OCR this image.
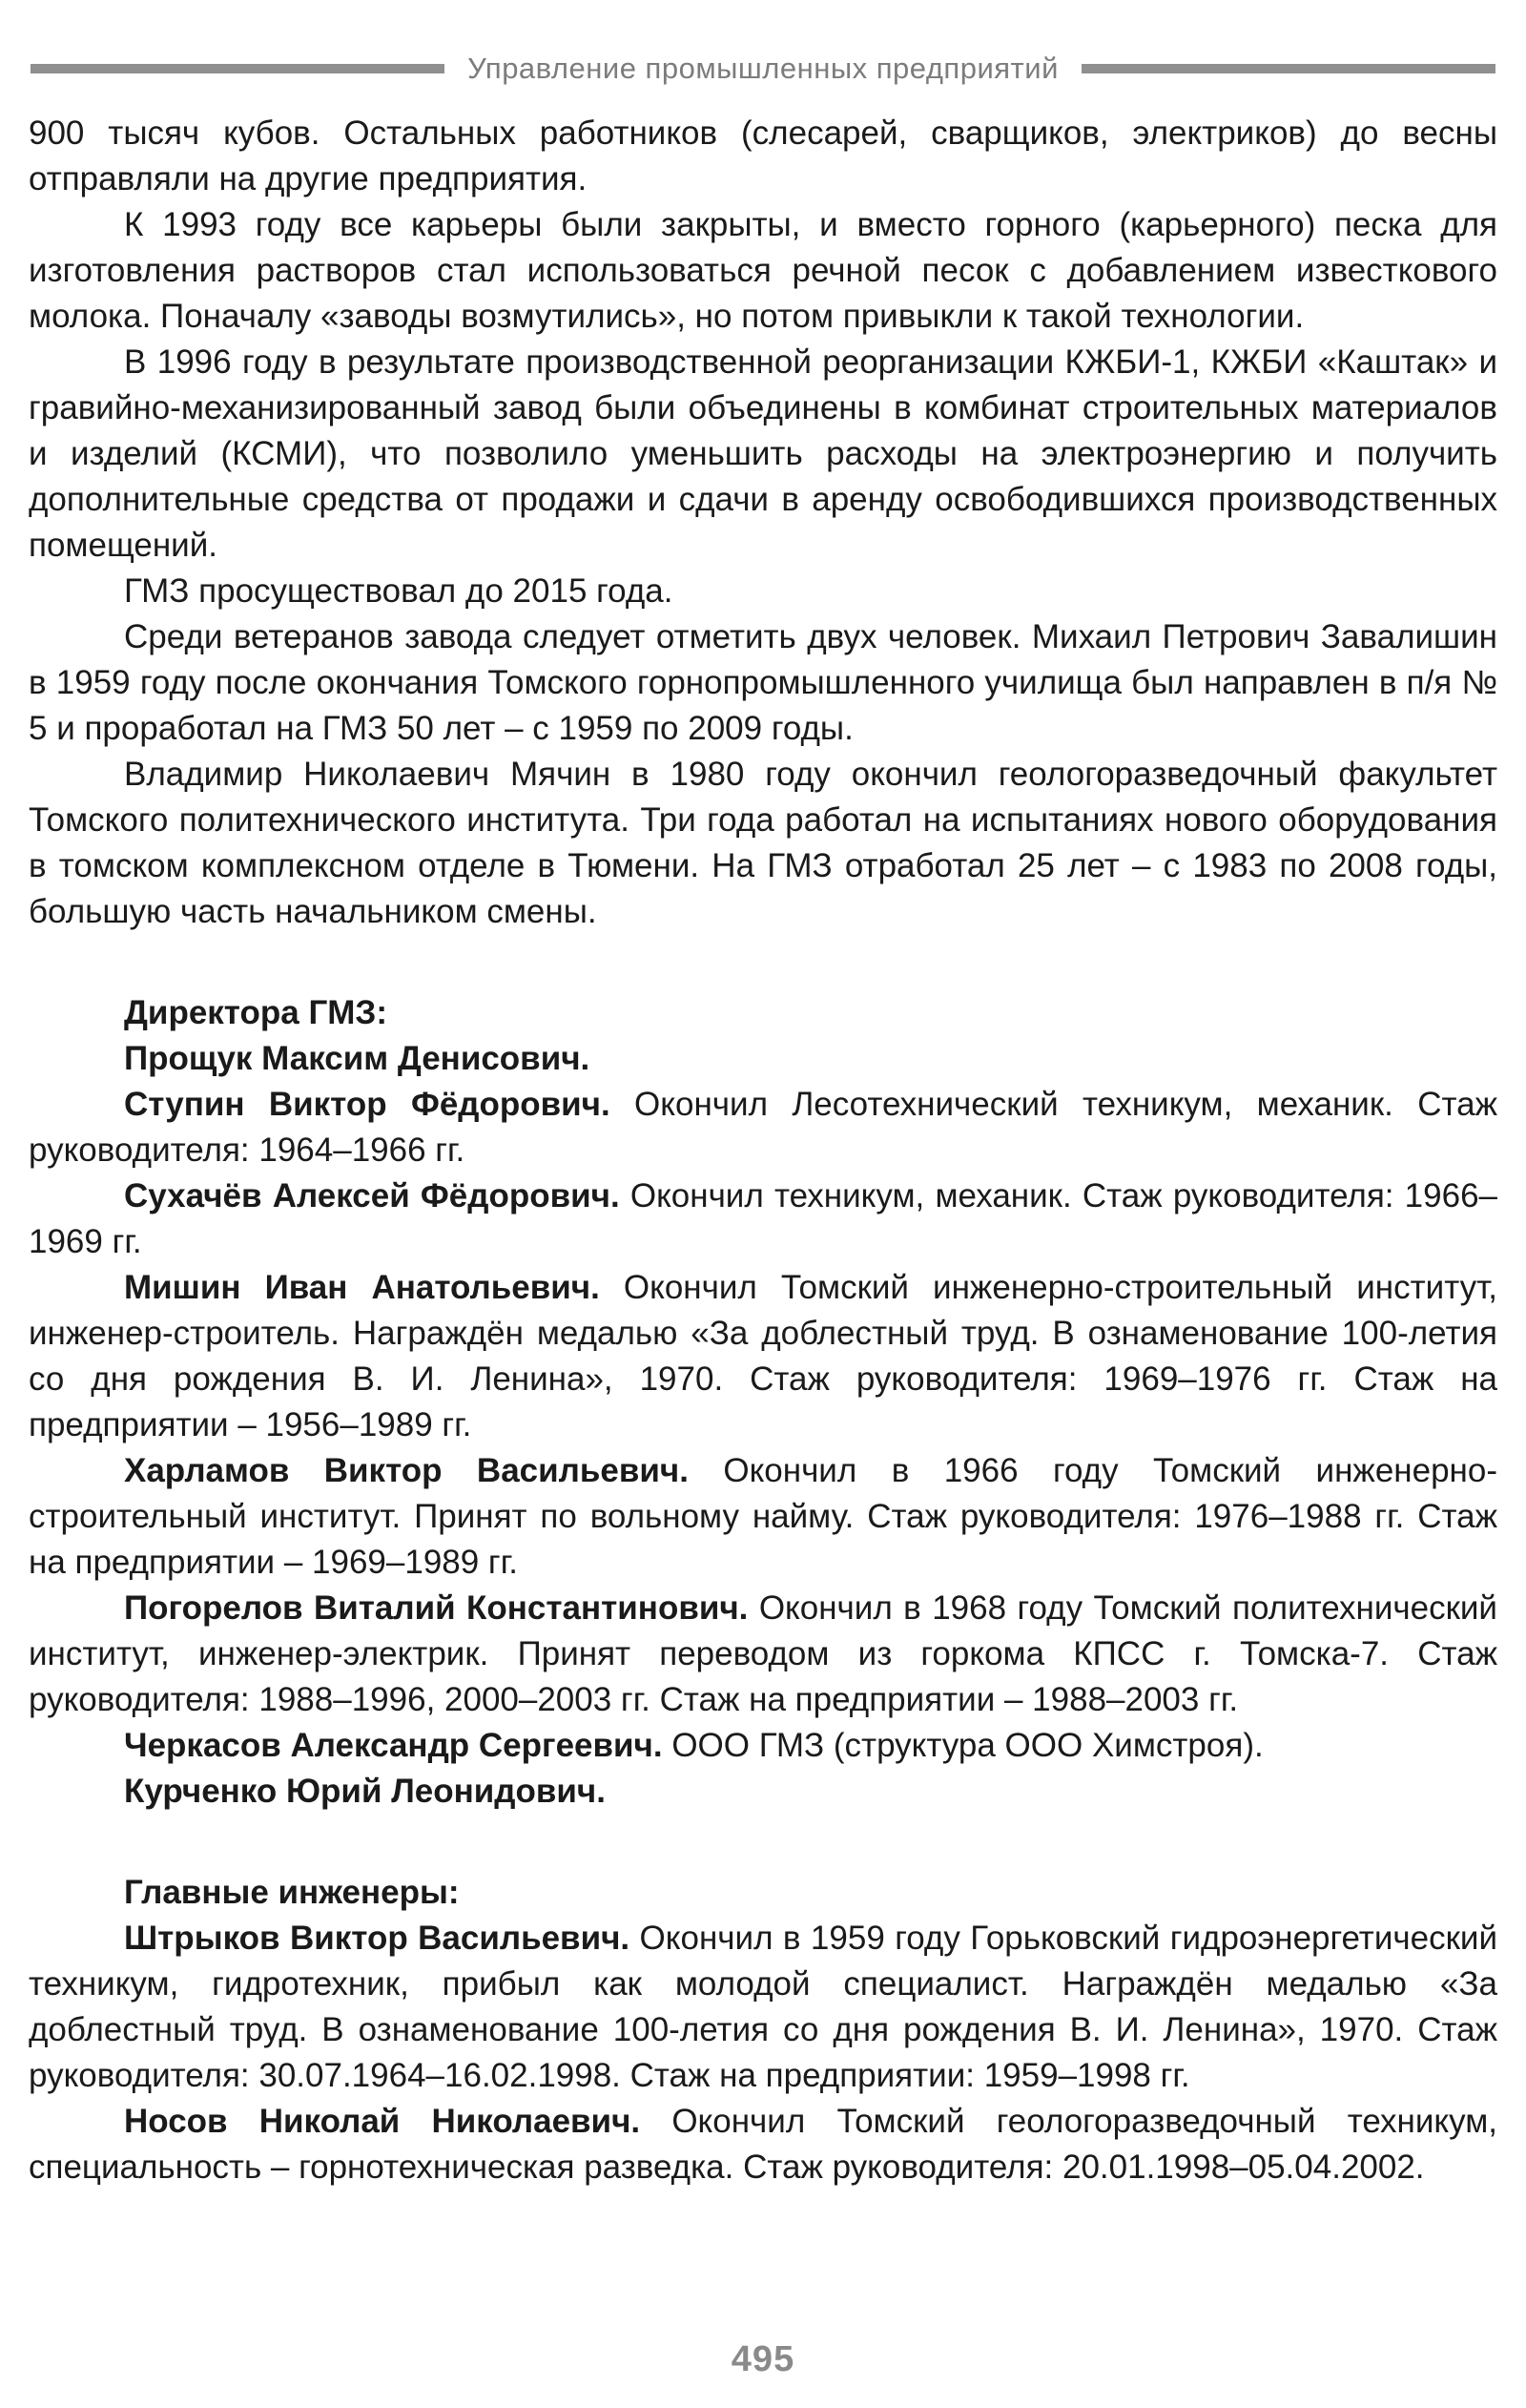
Управление промышленных предприятий

900 тысяч кубов. Остальных работников (слесарей, сварщиков, электриков) до весны отправляли на другие предприятия.

К 1993 году все карьеры были закрыты, и вместо горного (карьерного) песка для изготовления растворов стал использоваться речной песок с добавлением известкового молока. Поначалу «заводы возмутились», но потом привыкли к такой технологии.

В 1996 году в результате производственной реорганизации КЖБИ-1, КЖБИ «Каштак» и гравийно-механизированный завод были объединены в комбинат строительных материалов и изделий (КСМИ), что позволило уменьшить расходы на электроэнергию и получить дополнительные средства от продажи и сдачи в аренду освободившихся производственных помещений.

ГМЗ просуществовал до 2015 года.

Среди ветеранов завода следует отметить двух человек. Михаил Петрович Завалишин в 1959 году после окончания Томского горнопромышленного училища был направлен в п/я № 5 и проработал на ГМЗ 50 лет – с 1959 по 2009 годы.

Владимир Николаевич Мячин в 1980 году окончил геологоразведочный факультет Томского политехнического института. Три года работал на испытаниях нового оборудования в томском комплексном отделе в Тюмени. На ГМЗ отработал 25 лет – с 1983 по 2008 годы, большую часть начальником смены.

Директора ГМЗ:

Прощук Максим Денисович.

Ступин Виктор Фёдорович. Окончил Лесотехнический техникум, механик. Стаж руководителя: 1964–1966 гг.

Сухачёв Алексей Фёдорович. Окончил техникум, механик. Стаж руководителя: 1966–1969 гг.

Мишин Иван Анатольевич. Окончил Томский инженерно-строительный институт, инженер-строитель. Награждён медалью «За доблестный труд. В ознаменование 100-летия со дня рождения В. И. Ленина», 1970. Стаж руководителя: 1969–1976 гг. Стаж на предприятии – 1956–1989 гг.

Харламов Виктор Васильевич. Окончил в 1966 году Томский инженерно-строительный институт. Принят по вольному найму. Стаж руководителя: 1976–1988 гг. Стаж на предприятии – 1969–1989 гг.

Погорелов Виталий Константинович. Окончил в 1968 году Томский политехнический институт, инженер-электрик. Принят переводом из горкома КПСС г. Томска-7. Стаж руководителя: 1988–1996, 2000–2003 гг. Стаж на предприятии – 1988–2003 гг.

Черкасов Александр Сергеевич. ООО ГМЗ (структура ООО Химстроя).

Курченко Юрий Леонидович.

Главные инженеры:

Штрыков Виктор Васильевич. Окончил в 1959 году Горьковский гидроэнергетический техникум, гидротехник, прибыл как молодой специалист. Награждён медалью «За доблестный труд. В ознаменование 100-летия со дня рождения В. И. Ленина», 1970. Стаж руководителя: 30.07.1964–16.02.1998. Стаж на предприятии: 1959–1998 гг.

Носов Николай Николаевич. Окончил Томский геологоразведочный техникум, специальность – горнотехническая разведка. Стаж руководителя: 20.01.1998–05.04.2002.

495
